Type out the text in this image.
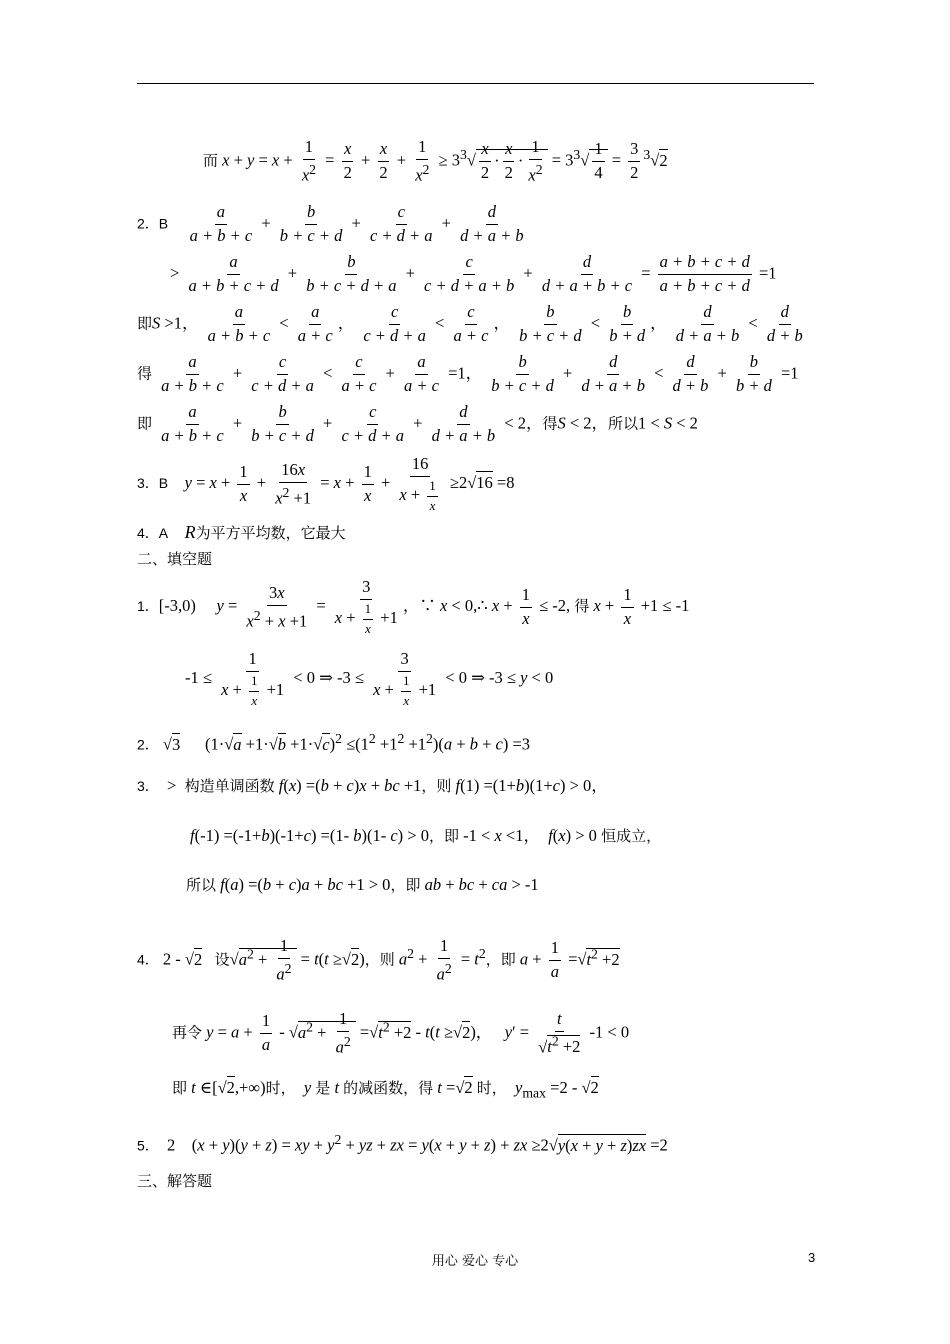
而 $x + y = x + \frac{1}{x^2} = \frac{x}{2} + \frac{x}{2} + \frac{1}{x^2} \ge 3^3√ \frac{x}{2} \cdot \frac{x}{2} \cdot \frac{1}{x^2} = 3^3√ \frac{1}{4} = \frac{3}{2} ^3√2$
2．B $\frac{a}{a + b + c} + \frac{b}{b + c + d} + \frac{c}{c + d + a} + \frac{d}{d + a + b}$
> $\frac{a}{a + b + c + d} + \frac{b}{b + c + d + a} + \frac{c}{c + d + a + b} + \frac{d}{d + a + b + c} = \frac{a + b + c + d}{a + b + c + d} =1$
即S >1， $\frac{a}{a + b + c} < \frac{a}{a + c}$ ， $\frac{c}{c + d + a} < \frac{c}{a + c}$ ， $\frac{b}{b + c + d} < \frac{b}{b + d}$ ， $\frac{d}{d + a + b} < \frac{d}{d + b}$
得 $\frac{a}{a + b + c} + \frac{c}{c + d + a} < \frac{c}{a + c} + \frac{a}{a + c} =1$， $\frac{b}{b + c + d} + \frac{d}{d + a + b} < \frac{d}{d + b} + \frac{b}{b + d} =1$
即 $\frac{a}{a + b + c} + \frac{b}{b + c + d} + \frac{c}{c + d + a} + \frac{d}{d + a + b} < 2$，得S < 2，所以1 < S < 2
3．B $y = x + \frac{1}{x} + \frac{16x}{x^2 +1} = x + \frac{1}{x} + \frac{16}{x + \frac{1}{x}} \ge 2√16 =8$
4．A R为平方平均数，它最大
二、填空题
1．[-3,0)     $y = \frac{3x}{x^2 + x +1} = \frac{3}{x + \frac{1}{x} +1}$ ，∵ x < 0,∴ $x + \frac{1}{x} \le -2$, 得 $x + \frac{1}{x} +1 \le -1$
$-1 \le \frac{1}{x + \frac{1}{x} +1} < 0$ ⇒ $-3 \le \frac{3}{x + \frac{1}{x} +1} < 0$ ⇒ -3 ≤ y < 0
2． √3      $(1\cdot√a +1\cdot√b +1\cdot√c)^2 \le(1^2 +1^2 +1^2)(a + b + c) =3$
3．  >  构造单调函数 f(x) =(b + c)x + bc +1，则 f(1) =(1+b)(1+c) > 0，
f(-1) =(-1+b)(-1+c) =(1- b)(1- c) > 0，即 -1 < x <1，  f(x) > 0 恒成立，
所以 f(a) =(b + c)a + bc +1 > 0，即 ab + bc + ca > -1
4． 2 - √2 设$√a^2 + \frac{1}{a^2} = t(t \ge√2)$，则 $a^2 + \frac{1}{a^2} = t^2$，即 $a + \frac{1}{a} =√t^2 +2$
再令 $y = a + \frac{1}{a} - √a^2 + \frac{1}{a^2} =√t^2 +2 - t(t \ge√2)$，   $y' = \frac{t}{√t^2 +2} -1 < 0$
即 t ∈[√2,+∞)时， y 是 t 的减函数，得 t =√2 时， $y_{max} =2 - √2$
5．  2    (x + y)(y + z) = xy + $y^2$ + yz + zx = y(x + y + z) + zx ≥2√y(x + y + z)zx =2
三、解答题
用心 爱心 专心	3
